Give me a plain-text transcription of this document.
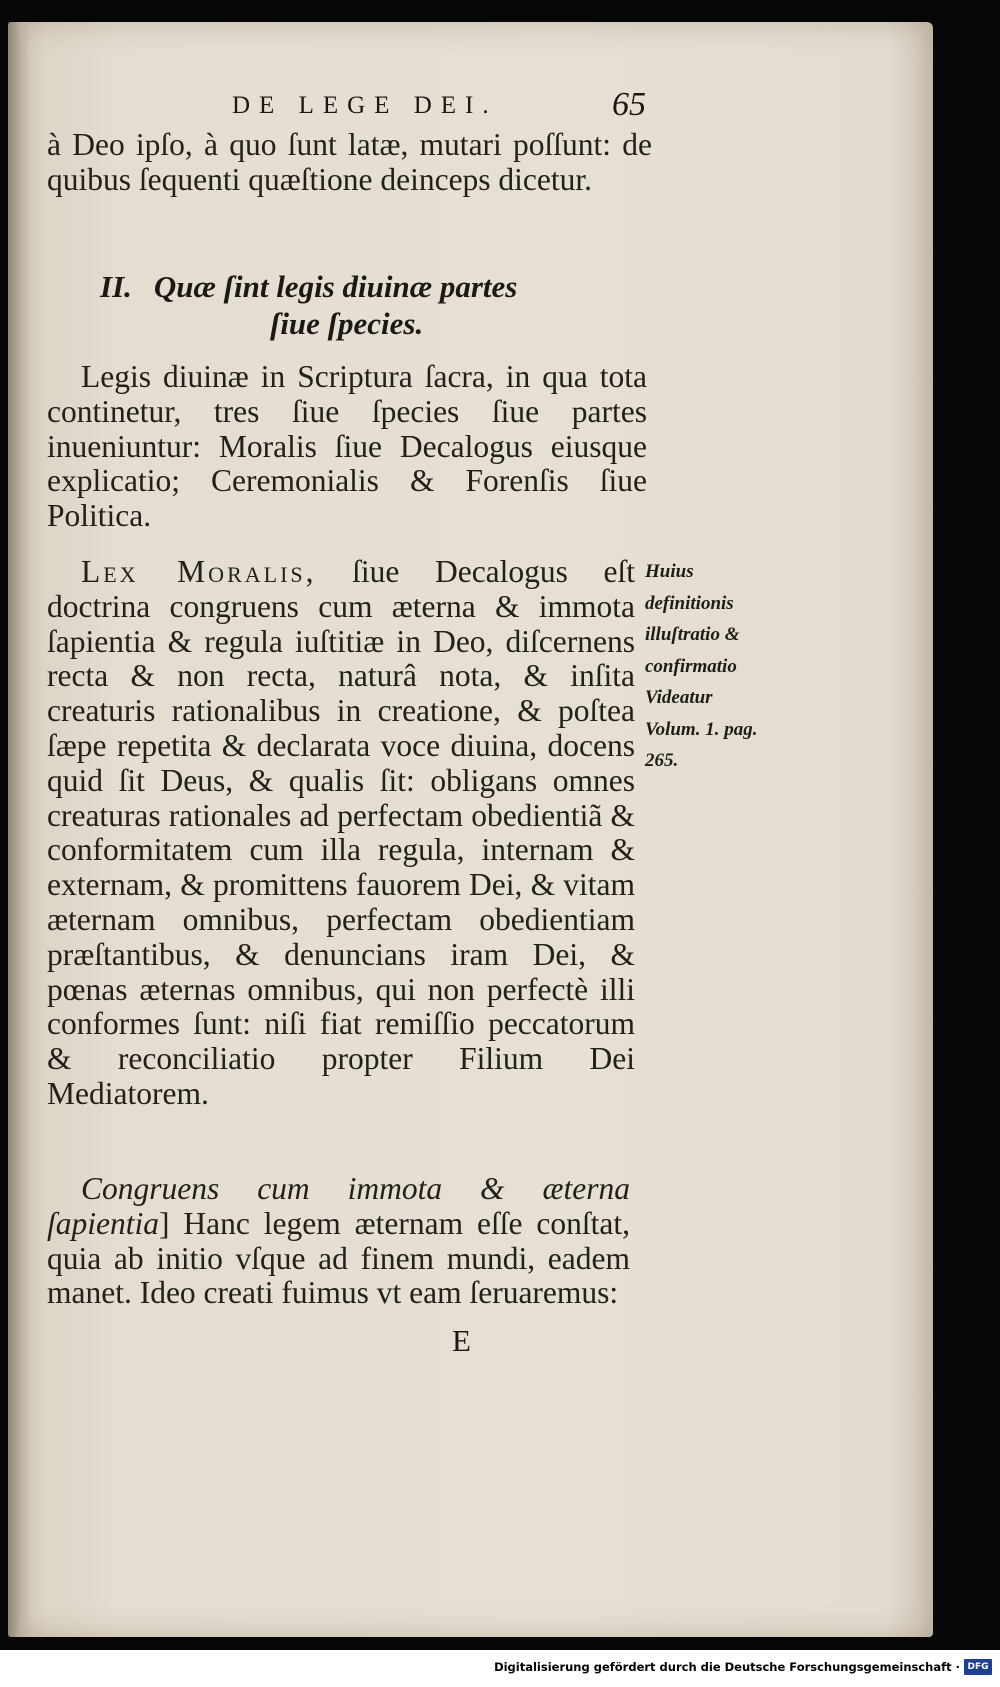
DE LEGE DEI.	65

à Deo ipſo, à quo ſunt latæ, mutari poſſunt: de quibus ſequenti quæſtione deinceps dicetur.

II. Quæ ſint legis diuinæ partes
ſiue ſpecies.

Legis diuinæ in Scriptura ſacra, in qua tota continetur, tres ſiue ſpecies ſiue partes inueniuntur: Moralis ſiue Decalogus eiusque explicatio; Ceremonialis & Forenſis ſiue Politica.

Lex Moralis, ſiue Decalogus eſt doctrina congruens cum æterna & immota ſapientia & regula iuſtitiæ in Deo, diſcernens recta & non recta, naturâ nota, & inſita creaturis rationalibus in creatione, & poſtea ſæpe repetita & declarata voce diuina, docens quid ſit Deus, & qualis ſit: obligans omnes creaturas rationales ad perfectam obedientiã & conformitatem cum illa regula, internam & externam, & promittens fauorem Dei, & vitam æternam omnibus, perfectam obedientiam præſtantibus, & denuncians iram Dei, & pœnas æternas omnibus, qui non perfectè illi conformes ſunt: niſi fiat remiſſio peccatorum & reconciliatio propter Filium Dei Mediatorem.

Huius definitionis illuſtratio & confirmatio Videatur Volum. 1. pag. 265.

Congruens cum immota & æterna ſapientia] Hanc legem æternam eſſe conſtat, quia ab initio vſque ad finem mundi, eadem manet. Ideo creati fuimus vt eam ſeruaremus:

E
Digitalisierung gefördert durch die Deutsche Forschungsgemeinschaft · DFG
